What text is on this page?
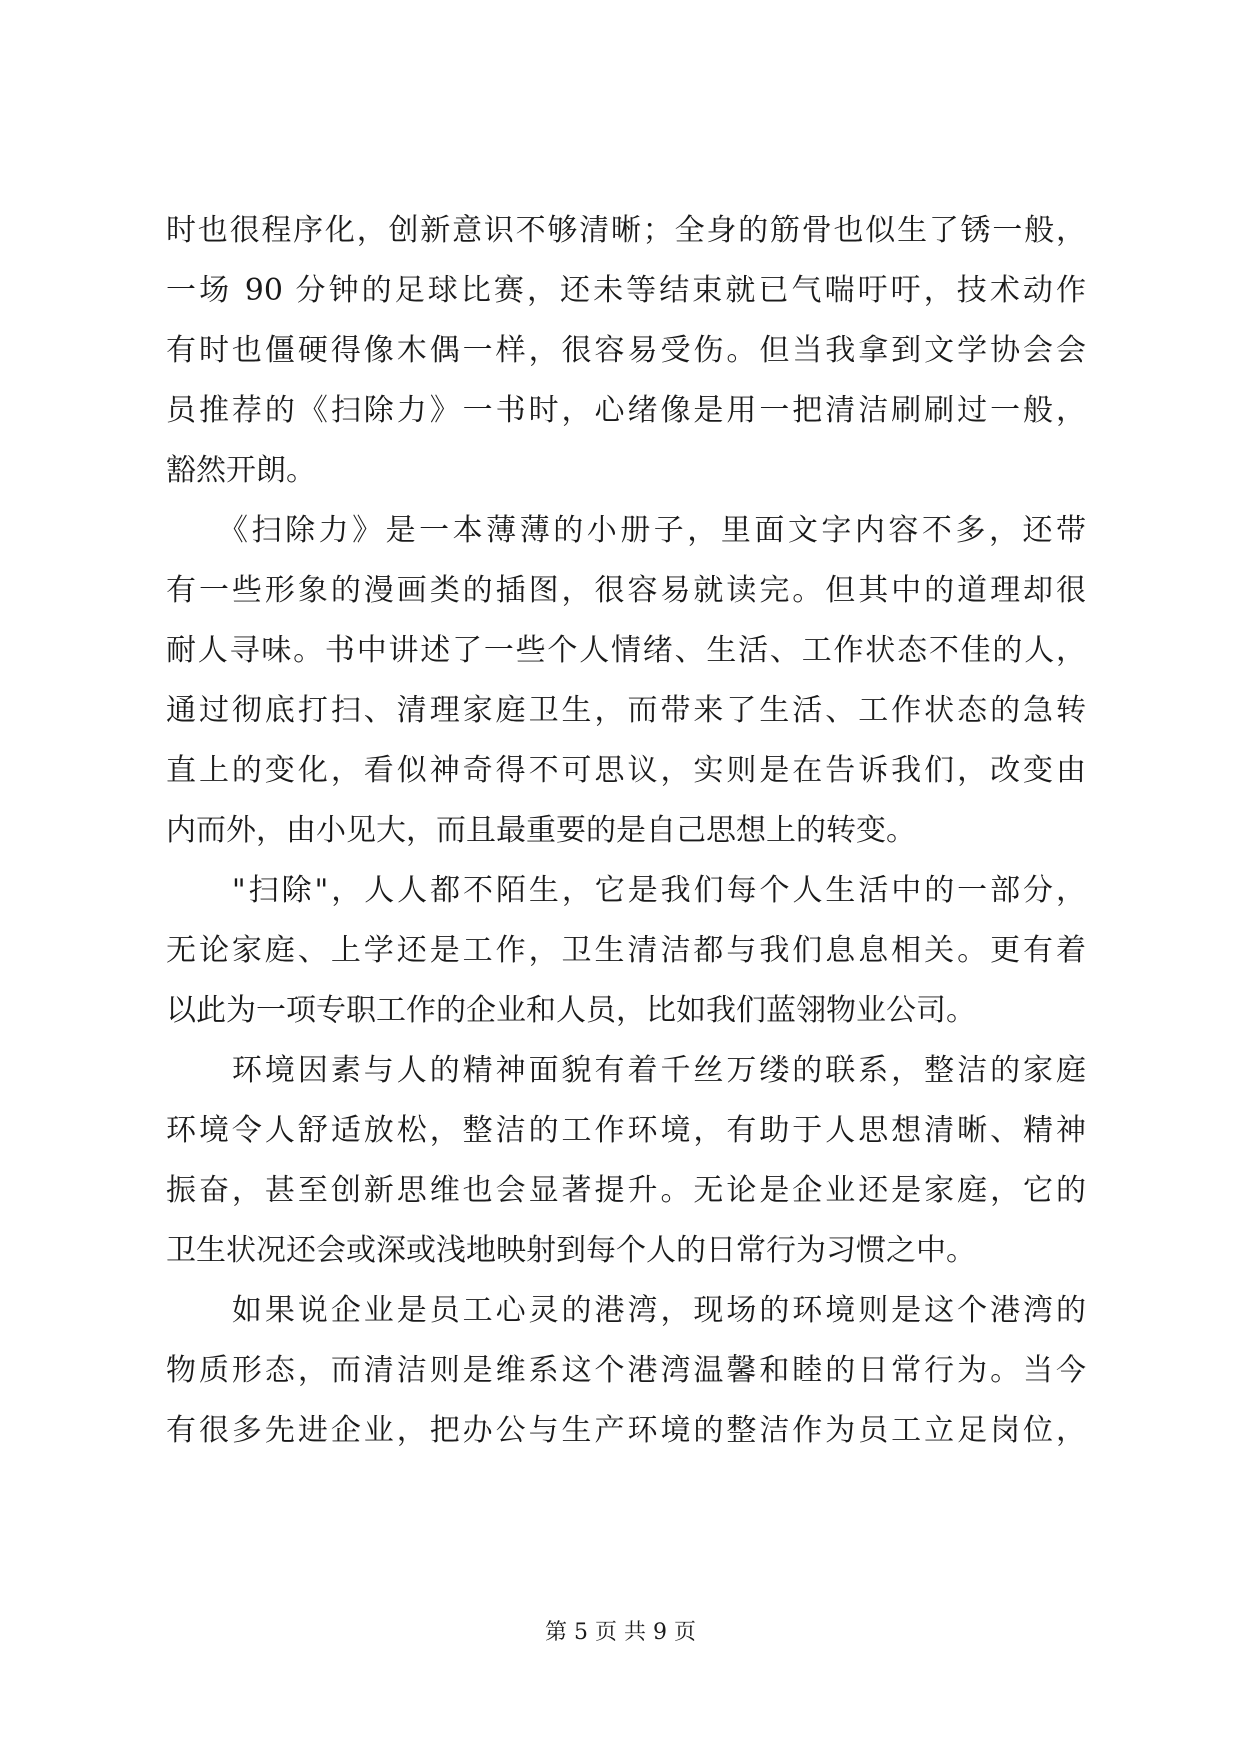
时也很程序化，创新意识不够清晰；全身的筋骨也似生了锈一般，
一场 90 分钟的足球比赛，还未等结束就已气喘吁吁，技术动作
有时也僵硬得像木偶一样，很容易受伤。但当我拿到文学协会会
员推荐的《扫除力》一书时，心绪像是用一把清洁刷刷过一般，
豁然开朗。
　　《扫除力》是一本薄薄的小册子，里面文字内容不多，还带
有一些形象的漫画类的插图，很容易就读完。但其中的道理却很
耐人寻味。书中讲述了一些个人情绪、生活、工作状态不佳的人，
通过彻底打扫、清理家庭卫生，而带来了生活、工作状态的急转
直上的变化，看似神奇得不可思议，实则是在告诉我们，改变由
内而外，由小见大，而且最重要的是自己思想上的转变。
　　"扫除"，人人都不陌生，它是我们每个人生活中的一部分，
无论家庭、上学还是工作，卫生清洁都与我们息息相关。更有着
以此为一项专职工作的企业和人员，比如我们蓝翎物业公司。
　　环境因素与人的精神面貌有着千丝万缕的联系，整洁的家庭
环境令人舒适放松，整洁的工作环境，有助于人思想清晰、精神
振奋，甚至创新思维也会显著提升。无论是企业还是家庭，它的
卫生状况还会或深或浅地映射到每个人的日常行为习惯之中。
　　如果说企业是员工心灵的港湾，现场的环境则是这个港湾的
物质形态，而清洁则是维系这个港湾温馨和睦的日常行为。当今
有很多先进企业，把办公与生产环境的整洁作为员工立足岗位，
第 5 页 共 9 页
